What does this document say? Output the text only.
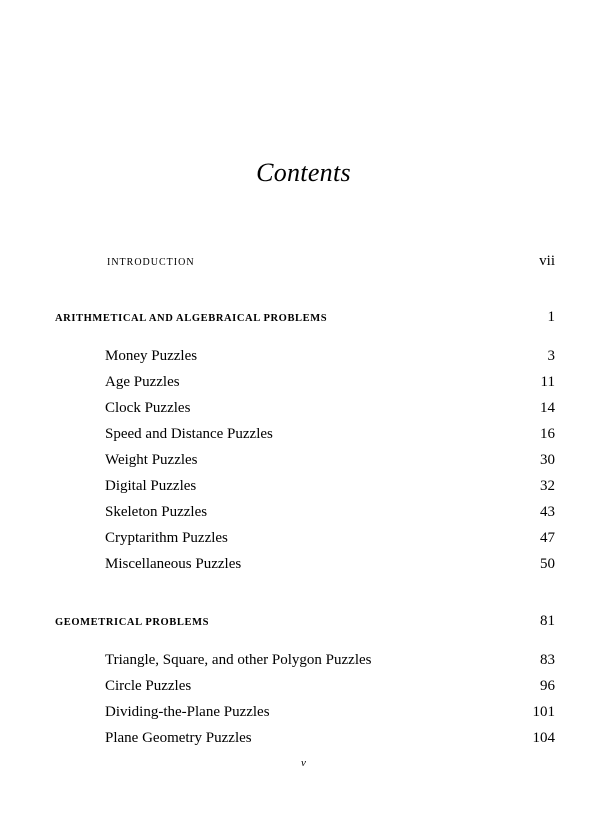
Contents
INTRODUCTION	vii
ARITHMETICAL AND ALGEBRAICAL PROBLEMS	1
Money Puzzles	3
Age Puzzles	11
Clock Puzzles	14
Speed and Distance Puzzles	16
Weight Puzzles	30
Digital Puzzles	32
Skeleton Puzzles	43
Cryptarithm Puzzles	47
Miscellaneous Puzzles	50
GEOMETRICAL PROBLEMS	81
Triangle, Square, and other Polygon Puzzles	83
Circle Puzzles	96
Dividing-the-Plane Puzzles	101
Plane Geometry Puzzles	104
v
